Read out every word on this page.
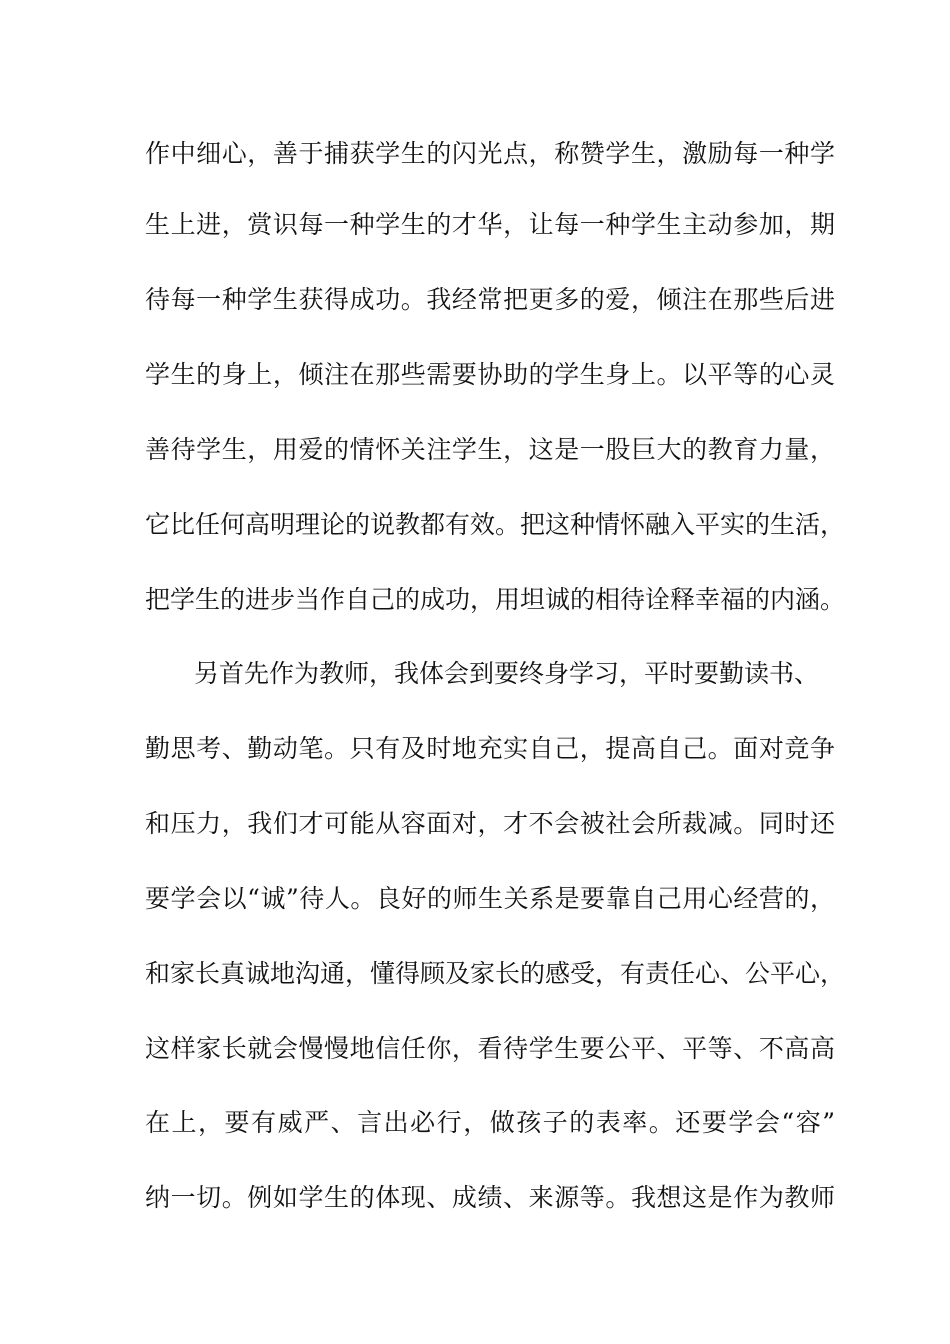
作中细心，善于捕获学生的闪光点，称赞学生，激励每一种学
生上进，赏识每一种学生的才华，让每一种学生主动参加，期
待每一种学生获得成功。我经常把更多的爱，倾注在那些后进
学生的身上，倾注在那些需要协助的学生身上。以平等的心灵
善待学生，用爱的情怀关注学生，这是一股巨大的教育力量，
它比任何高明理论的说教都有效。把这种情怀融入平实的生活，
把学生的进步当作自己的成功，用坦诚的相待诠释幸福的内涵。
另首先作为教师，我体会到要终身学习，平时要勤读书、
勤思考、勤动笔。只有及时地充实自己，提高自己。面对竞争
和压力，我们才可能从容面对，才不会被社会所裁减。同时还
要学会以“诚”待人。良好的师生关系是要靠自己用心经营的，
和家长真诚地沟通，懂得顾及家长的感受，有责任心、公平心，
这样家长就会慢慢地信任你，看待学生要公平、平等、不高高
在上，要有威严、言出必行，做孩子的表率。还要学会“容”
纳一切。例如学生的体现、成绩、来源等。我想这是作为教师
